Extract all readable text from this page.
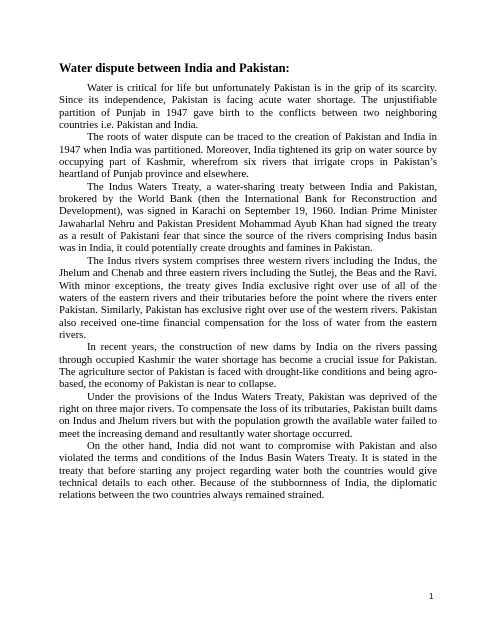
Water dispute between India and Pakistan:

Water is critical for life but unfortunately Pakistan is in the grip of its scarcity. Since its independence, Pakistan is facing acute water shortage. The unjustifiable partition of Punjab in 1947 gave birth to the conflicts between two neighboring countries i.e. Pakistan and India.

The roots of water dispute can be traced to the creation of Pakistan and India in 1947 when India was partitioned. Moreover, India tightened its grip on water source by occupying part of Kashmir, wherefrom six rivers that irrigate crops in Pakistan’s heartland of Punjab province and elsewhere.

The Indus Waters Treaty, a water-sharing treaty between India and Pakistan, brokered by the World Bank (then the International Bank for Reconstruction and Development), was signed in Karachi on September 19, 1960. Indian Prime Minister Jawaharlal Nehru and Pakistan President Mohammad Ayub Khan had signed the treaty as a result of Pakistani fear that since the source of the rivers comprising Indus basin was in India, it could potentially create droughts and famines in Pakistan.

The Indus rivers system comprises three western rivers including the Indus, the Jhelum and Chenab and three eastern rivers including the Sutlej, the Beas and the Ravi. With minor exceptions, the treaty gives India exclusive right over use of all of the waters of the eastern rivers and their tributaries before the point where the rivers enter Pakistan. Similarly, Pakistan has exclusive right over use of the western rivers. Pakistan also received one-time financial compensation for the loss of water from the eastern rivers.

In recent years, the construction of new dams by India on the rivers passing through occupied Kashmir the water shortage has become a crucial issue for Pakistan. The agriculture sector of Pakistan is faced with drought-like conditions and being agro-based, the economy of Pakistan is near to collapse.

Under the provisions of the Indus Waters Treaty, Pakistan was deprived of the right on three major rivers. To compensate the loss of its tributaries, Pakistan built dams on Indus and Jhelum rivers but with the population growth the available water failed to meet the increasing demand and resultantly water shortage occurred.

On the other hand, India did not want to compromise with Pakistan and also violated the terms and conditions of the Indus Basin Waters Treaty. It is stated in the treaty that before starting any project regarding water both the countries would give technical details to each other. Because of the stubbornness of India, the diplomatic relations between the two countries always remained strained.

1
